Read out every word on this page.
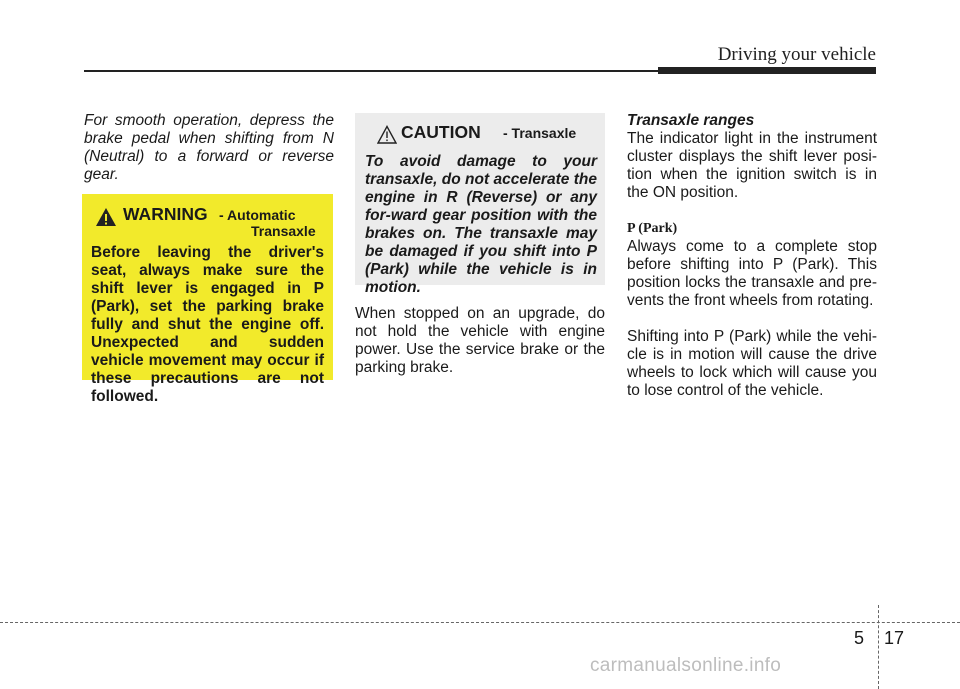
Driving your vehicle

For smooth operation, depress the brake pedal when shifting from N (Neutral) to a forward or reverse gear.

WARNING - Automatic
Transaxle

Before leaving the driver's seat, always make sure the shift lever is engaged in P (Park), set the parking brake fully and shut the engine off. Unexpected and sudden vehicle movement may occur if these precautions are not followed.

CAUTION - Transaxle

To avoid damage to your transaxle, do not accelerate the engine in R (Reverse) or any for-ward gear position with the brakes on. The transaxle may be damaged if you shift into P (Park) while the vehicle is in motion.

When stopped on an upgrade, do not hold the vehicle with engine power. Use the service brake or the parking brake.

Transaxle ranges

The indicator light in the instrument cluster displays the shift lever posi-tion when the ignition switch is in the ON position.

P (Park)

Always come to a complete stop before shifting into P (Park). This position locks the transaxle and pre-vents the front wheels from rotating.

Shifting into P (Park) while the vehi-cle is in motion will cause the drive wheels to lock which will cause you to lose control of the vehicle.

5 17
carmanualsonline.info
